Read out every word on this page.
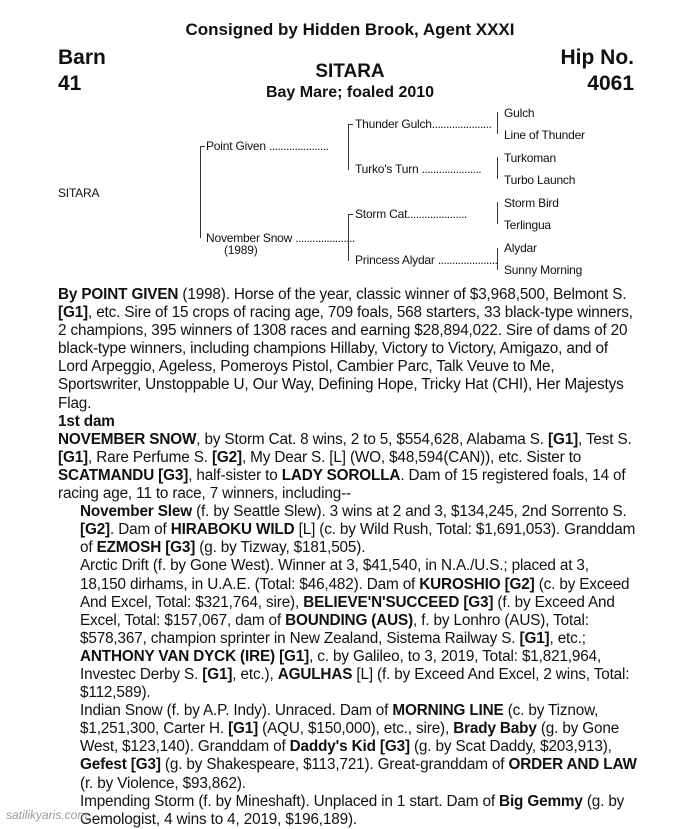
Consigned by Hidden Brook, Agent XXXI
Barn
41
Hip No.
4061
SITARA
Bay Mare; foaled 2010
SITARA
Point Given .....................
November Snow .....................
(1989)
Thunder Gulch.....................
Turko's Turn .....................
Storm Cat.....................
Princess Alydar .....................
Gulch
Line of Thunder
Turkoman
Turbo Launch
Storm Bird
Terlingua
Alydar
Sunny Morning

By POINT GIVEN (1998). Horse of the year, classic winner of $3,968,500, Belmont S. [G1], etc. Sire of 15 crops of racing age, 709 foals, 568 starters, 33 black-type winners, 2 champions, 395 winners of 1308 races and earning $28,894,022. Sire of dams of 20 black-type winners, including champions Hillaby, Victory to Victory, Amigazo, and of Lord Arpeggio, Ageless, Pomeroys Pistol, Cambier Parc, Talk Veuve to Me, Sportswriter, Unstoppable U, Our Way, Defining Hope, Tricky Hat (CHI), Her Majestys Flag.

1st dam

NOVEMBER SNOW, by Storm Cat. 8 wins, 2 to 5, $554,628, Alabama S. [G1], Test S. [G1], Rare Perfume S. [G2], My Dear S. [L] (WO, $48,594(CAN)), etc. Sister to SCATMANDU [G3], half-sister to LADY SOROLLA. Dam of 15 registered foals, 14 of racing age, 11 to race, 7 winners, including--

November Slew (f. by Seattle Slew). 3 wins at 2 and 3, $134,245, 2nd Sorrento S. [G2]. Dam of HIRABOKU WILD [L] (c. by Wild Rush, Total: $1,691,053). Granddam of EZMOSH [G3] (g. by Tizway, $181,505).

Arctic Drift (f. by Gone West). Winner at 3, $41,540, in N.A./U.S.; placed at 3, 18,150 dirhams, in U.A.E. (Total: $46,482). Dam of KUROSHIO [G2] (c. by Exceed And Excel, Total: $321,764, sire), BELIEVE'N'SUCCEED [G3] (f. by Exceed And Excel, Total: $157,067, dam of BOUNDING (AUS), f. by Lonhro (AUS), Total: $578,367, champion sprinter in New Zealand, Sistema Railway S. [G1], etc.; ANTHONY VAN DYCK (IRE) [G1], c. by Galileo, to 3, 2019, Total: $1,821,964, Investec Derby S. [G1], etc.), AGULHAS [L] (f. by Exceed And Excel, 2 wins, Total: $112,589).

Indian Snow (f. by A.P. Indy). Unraced. Dam of MORNING LINE (c. by Tiznow, $1,251,300, Carter H. [G1] (AQU, $150,000), etc., sire), Brady Baby (g. by Gone West, $123,140). Granddam of Daddy's Kid [G3] (g. by Scat Daddy, $203,913), Gefest [G3] (g. by Shakespeare, $113,721). Great-granddam of ORDER AND LAW (r. by Violence, $93,862).

Impending Storm (f. by Mineshaft). Unplaced in 1 start. Dam of Big Gemmy (g. by Gemologist, 4 wins to 4, 2019, $196,189).

satilikyaris.com
